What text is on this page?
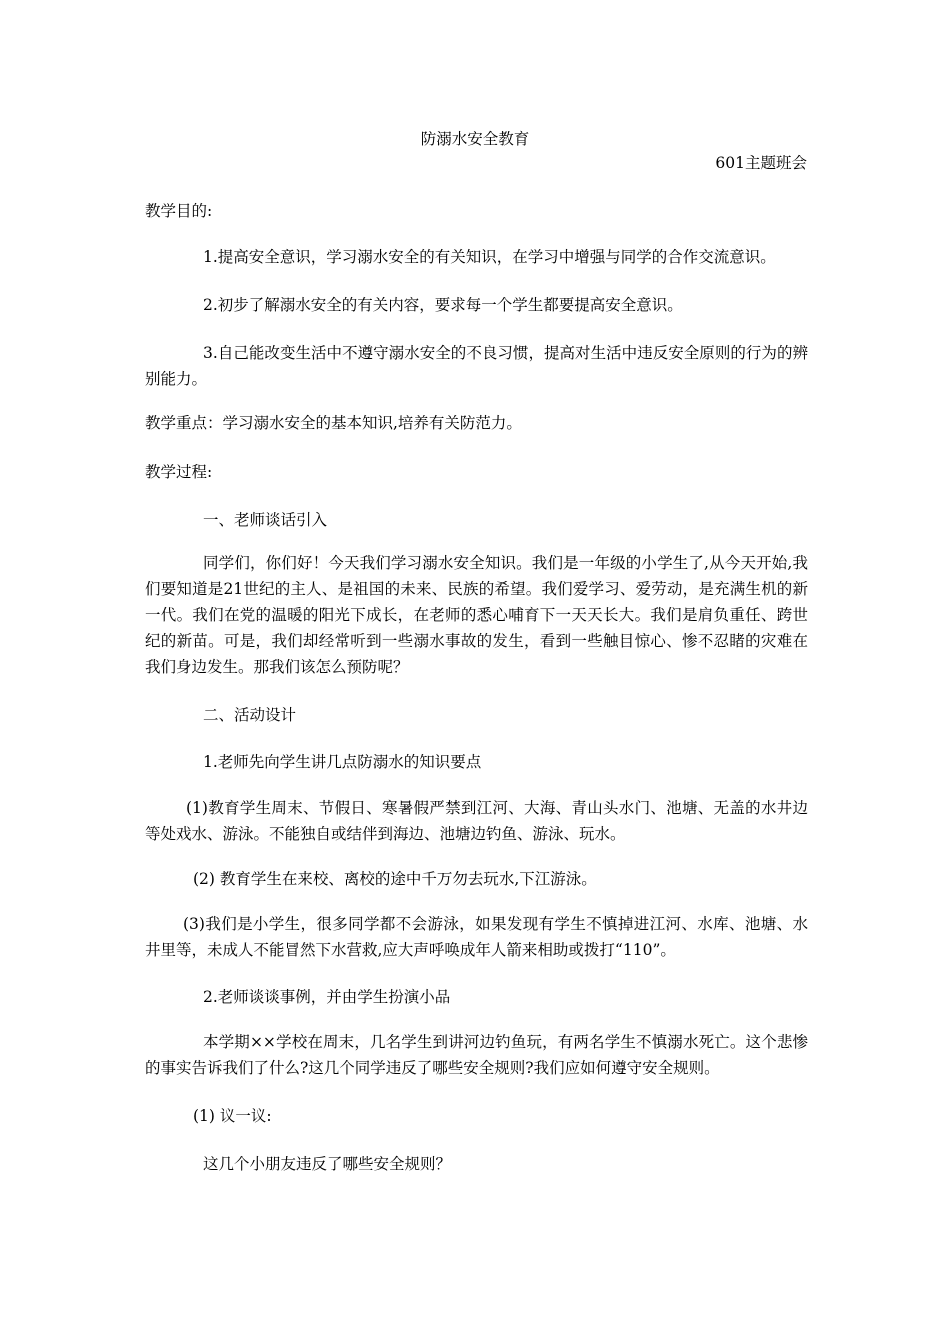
防溺水安全教育
601主题班会
教学目的:
1.提高安全意识，学习溺水安全的有关知识，在学习中增强与同学的合作交流意识。
2.初步了解溺水安全的有关内容，要求每一个学生都要提高安全意识。
3.自己能改变生活中不遵守溺水安全的不良习惯，提高对生活中违反安全原则的行为的辨别能力。
教学重点：学习溺水安全的基本知识,培养有关防范力。
教学过程:
一、老师谈话引入
同学们，你们好！今天我们学习溺水安全知识。我们是一年级的小学生了,从今天开始,我们要知道是21世纪的主人、是祖国的未来、民族的希望。我们爱学习、爱劳动，是充满生机的新一代。我们在党的温暖的阳光下成长，在老师的悉心哺育下一天天长大。我们是肩负重任、跨世纪的新苗。可是，我们却经常听到一些溺水事故的发生，看到一些触目惊心、惨不忍睹的灾难在我们身边发生。那我们该怎么预防呢？
二、活动设计
1.老师先向学生讲几点防溺水的知识要点
(1)教育学生周末、节假日、寒暑假严禁到江河、大海、青山头水门、池塘、无盖的水井边等处戏水、游泳。不能独自或结伴到海边、池塘边钓鱼、游泳、玩水。
(2) 教育学生在来校、离校的途中千万勿去玩水,下江游泳。
(3)我们是小学生，很多同学都不会游泳，如果发现有学生不慎掉进江河、水库、池塘、水井里等，未成人不能冒然下水营救,应大声呼唤成年人箭来相助或拨打“110”。
2.老师谈谈事例，并由学生扮演小品
本学期××学校在周末，几名学生到讲河边钓鱼玩，有两名学生不慎溺水死亡。这个悲惨的事实告诉我们了什么?这几个同学违反了哪些安全规则?我们应如何遵守安全规则。
(1) 议一议:
这几个小朋友违反了哪些安全规则？
